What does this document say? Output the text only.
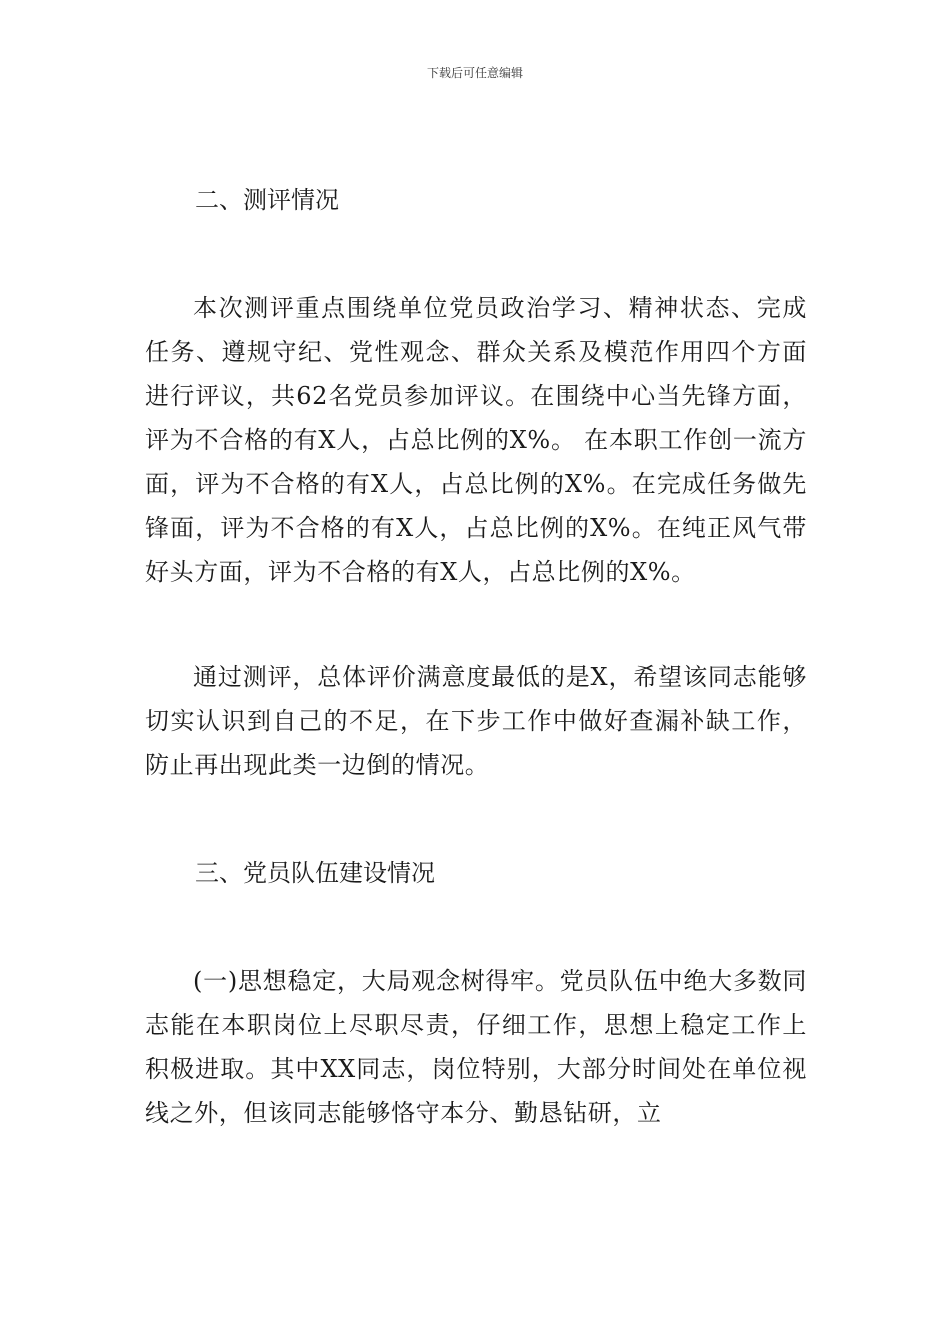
下载后可任意编辑

二、测评情况

本次测评重点围绕单位党员政治学习、精神状态、完成任务、遵规守纪、党性观念、群众关系及模范作用四个方面进行评议，共62名党员参加评议。在围绕中心当先锋方面，评为不合格的有X人，占总比例的X%。 在本职工作创一流方面，评为不合格的有X人，占总比例的X%。在完成任务做先锋面，评为不合格的有X人，占总比例的X%。在纯正风气带好头方面，评为不合格的有X人，占总比例的X%。

通过测评，总体评价满意度最低的是X，希望该同志能够切实认识到自己的不足，在下步工作中做好查漏补缺工作，防止再出现此类一边倒的情况。

三、党员队伍建设情况

(一)思想稳定，大局观念树得牢。党员队伍中绝大多数同志能在本职岗位上尽职尽责，仔细工作，思想上稳定工作上积极进取。其中XX同志，岗位特别，大部分时间处在单位视线之外，但该同志能够恪守本分、勤恳钻研，立
